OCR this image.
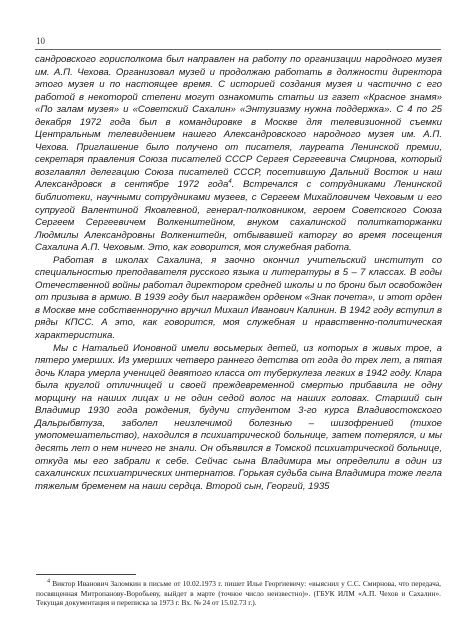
10

сандровского горисполкома был направлен на работу по организации народного музея им. А.П. Чехова. Организовал музей и продолжаю работать в должности директора этого музея и по настоящее время. С историей создания музея и частично с его работой в некоторой степени могут ознакомить статьи из газет «Красное знамя» «По залам музея» и «Советский Сахалин» «Энтузиазму нужна поддержка». С 4 по 25 декабря 1972 года был в командировке в Москве для телевизионной съемки Центральным телевидением нашего Александровского народного музея им. А.П. Чехова. Приглашение было получено от писателя, лауреата Ленинской премии, секретаря правления Союза писателей СССР Сергея Сергеевича Смирнова, который возглавлял делегацию Союза писателей СССР, посетившую Дальний Восток и наш Александровск в сентябре 1972 года$^4$. Встречался с сотрудниками Ленинской библиотеки, научными сотрудниками музеев, с Сергеем Михайловичем Чеховым и его супругой Валентиной Яковлевной, генерал-полковником, героем Советского Союза Сергеем Сергеевичем Волкенштейном, внуком сахалинской политкаторжанки Людмилы Александровны Волкенштейн, отбывавшей каторгу во время посещения Сахалина А.П. Чеховым. Это, как говорится, моя служебная работа.

Работая в школах Сахалина, я заочно окончил учительский институт со специальностью преподавателя русского языка и литературы в 5 – 7 классах. В годы Отечественной войны работал директором средней школы и по брони был освобожден от призыва в армию. В 1939 году был награжден орденом «Знак почета», и этот орден в Москве мне собственноручно вручил Михаил Иванович Калинин. В 1942 году вступил в ряды КПСС. А это, как говорится, моя служебная и нравственно-политическая характеристика.

Мы с Натальей Ионовной имели восьмерых детей, из которых в живых трое, а пятеро умерших. Из умерших четверо раннего детства от года до трех лет, а пятая дочь Клара умерла ученицей девятого класса от туберкулеза легких в 1942 году. Клара была круглой отличницей и своей преждевременной смертью прибавила не одну морщину на наших лицах и не один седой волос на наших головах. Старший сын Владимир 1930 года рождения, будучи студентом 3-го курса Владивостокского Дальрыбвтуза, заболел неизлечимой болезнью – шизофренией (тихое умопомешательство), находился в психиатрической больнице, затем потерялся, и мы десять лет о нем ничего не знали. Он объявился в Томской психиатрической больнице, откуда мы его забрали к себе. Сейчас сына Владимира мы определили в один из сахалинских психиатрических интернатов. Горькая судьба сына Владимира тоже легла тяжелым бременем на наши сердца. Второй сын, Георгий, 1935

$^4$ Виктор Иванович Заломкин в письме от 10.02.1973 г. пишет Илье Георгиевичу: «выяснил у С.С. Смирнова, что передача, посвященная Митропанову-Воробьеву, выйдет в марте (точное число неизвестно)». (ГБУК ИЛМ «А.П. Чехов и Сахалин». Текущая документация и переписка за 1973 г. Вх. № 24 от 15.02.73 г.).
